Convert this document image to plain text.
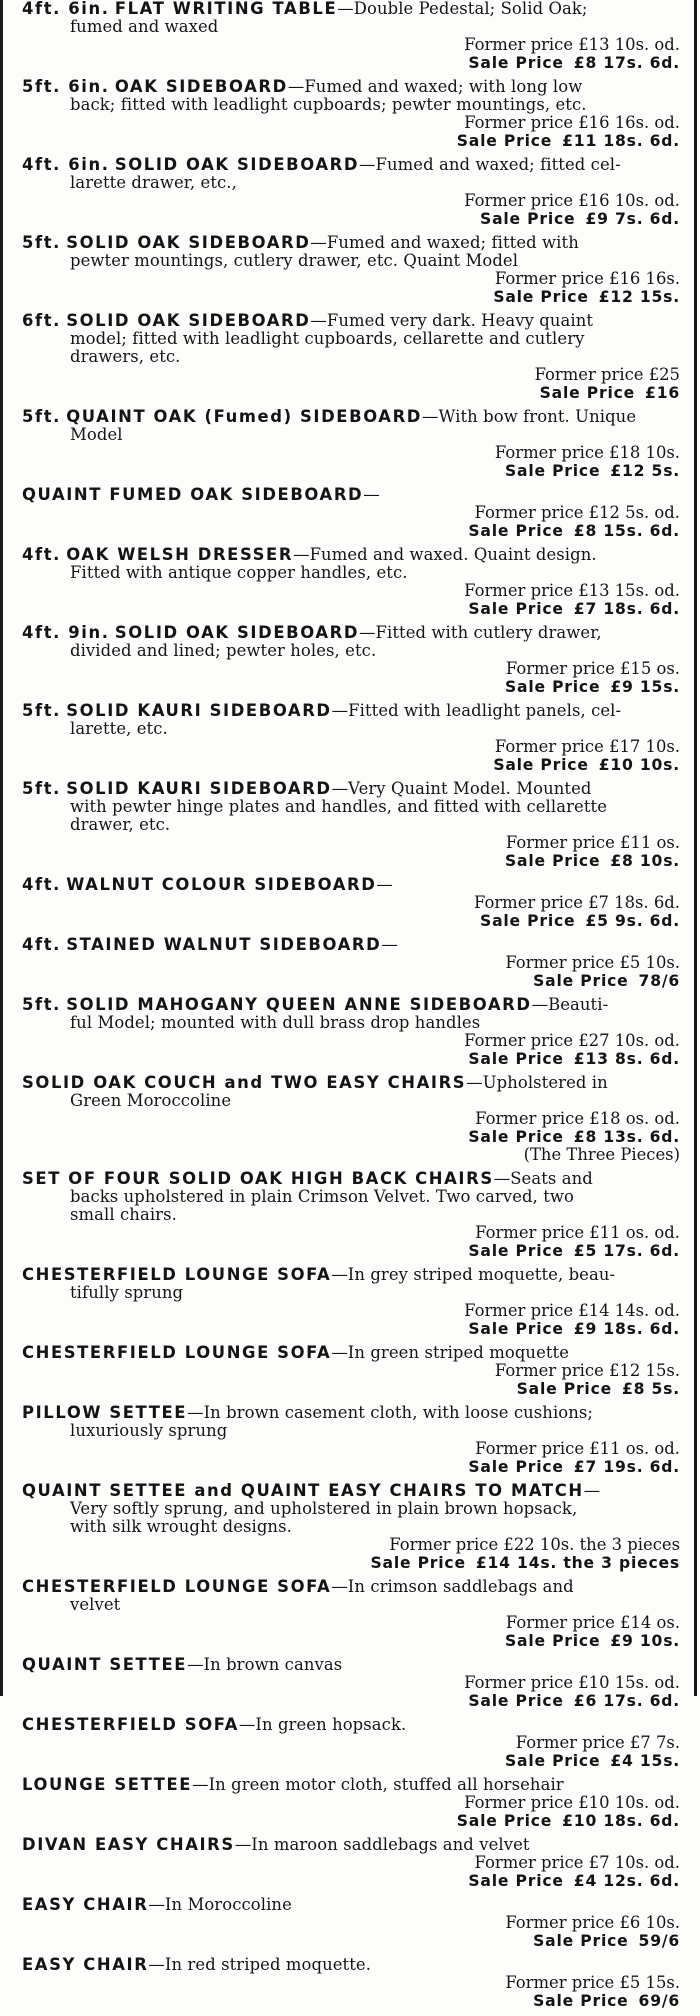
4ft. 6in. FLAT WRITING TABLE—Double Pedestal; Solid Oak;
fumed and waxed
Former price £13 10s. od.
Sale Price £8 17s. 6d.
5ft. 6in. OAK SIDEBOARD—Fumed and waxed; with long low
back; fitted with leadlight cupboards; pewter mountings, etc.
Former price £16 16s. od.
Sale Price £11 18s. 6d.
4ft. 6in. SOLID OAK SIDEBOARD—Fumed and waxed; fitted cel-
larette drawer, etc.,
Former price £16 10s. od.
Sale Price £9 7s. 6d.
5ft. SOLID OAK SIDEBOARD—Fumed and waxed; fitted with
pewter mountings, cutlery drawer, etc. Quaint Model
Former price £16 16s.
Sale Price £12 15s.
6ft. SOLID OAK SIDEBOARD—Fumed very dark. Heavy quaint
model; fitted with leadlight cupboards, cellarette and cutlery
drawers, etc.
Former price £25
Sale Price £16
5ft. QUAINT OAK (Fumed) SIDEBOARD—With bow front. Unique
Model
Former price £18 10s.
Sale Price £12 5s.
QUAINT FUMED OAK SIDEBOARD—
Former price £12 5s. od.
Sale Price £8 15s. 6d.
4ft. OAK WELSH DRESSER—Fumed and waxed. Quaint design.
Fitted with antique copper handles, etc.
Former price £13 15s. od.
Sale Price £7 18s. 6d.
4ft. 9in. SOLID OAK SIDEBOARD—Fitted with cutlery drawer,
divided and lined; pewter holes, etc.
Former price £15 os.
Sale Price £9 15s.
5ft. SOLID KAURI SIDEBOARD—Fitted with leadlight panels, cel-
larette, etc.
Former price £17 10s.
Sale Price £10 10s.
5ft. SOLID KAURI SIDEBOARD—Very Quaint Model. Mounted
with pewter hinge plates and handles, and fitted with cellarette
drawer, etc.
Former price £11 os.
Sale Price £8 10s.
4ft. WALNUT COLOUR SIDEBOARD—
Former price £7 18s. 6d.
Sale Price £5 9s. 6d.
4ft. STAINED WALNUT SIDEBOARD—
Former price £5 10s.
Sale Price 78/6
5ft. SOLID MAHOGANY QUEEN ANNE SIDEBOARD—Beauti-
ful Model; mounted with dull brass drop handles
Former price £27 10s. od.
Sale Price £13 8s. 6d.
SOLID OAK COUCH and TWO EASY CHAIRS—Upholstered in
Green Moroccoline
Former price £18 os. od.
Sale Price £8 13s. 6d.
(The Three Pieces)
SET OF FOUR SOLID OAK HIGH BACK CHAIRS—Seats and
backs upholstered in plain Crimson Velvet. Two carved, two
small chairs.
Former price £11 os. od.
Sale Price £5 17s. 6d.
CHESTERFIELD LOUNGE SOFA—In grey striped moquette, beau-
tifully sprung
Former price £14 14s. od.
Sale Price £9 18s. 6d.
CHESTERFIELD LOUNGE SOFA—In green striped moquette
Former price £12 15s.
Sale Price £8 5s.
PILLOW SETTEE—In brown casement cloth, with loose cushions;
luxuriously sprung
Former price £11 os. od.
Sale Price £7 19s. 6d.
QUAINT SETTEE and QUAINT EASY CHAIRS TO MATCH—
Very softly sprung, and upholstered in plain brown hopsack,
with silk wrought designs.
Former price £22 10s. the 3 pieces
Sale Price £14 14s. the 3 pieces
CHESTERFIELD LOUNGE SOFA—In crimson saddlebags and
velvet
Former price £14 os.
Sale Price £9 10s.
QUAINT SETTEE—In brown canvas
Former price £10 15s. od.
Sale Price £6 17s. 6d.
CHESTERFIELD SOFA—In green hopsack.
Former price £7 7s.
Sale Price £4 15s.
LOUNGE SETTEE—In green motor cloth, stuffed all horsehair
Former price £10 10s. od.
Sale Price £10 18s. 6d.
DIVAN EASY CHAIRS—In maroon saddlebags and velvet
Former price £7 10s. od.
Sale Price £4 12s. 6d.
EASY CHAIR—In Moroccoline
Former price £6 10s.
Sale Price 59/6
EASY CHAIR—In red striped moquette.
Former price £5 15s.
Sale Price 69/6
